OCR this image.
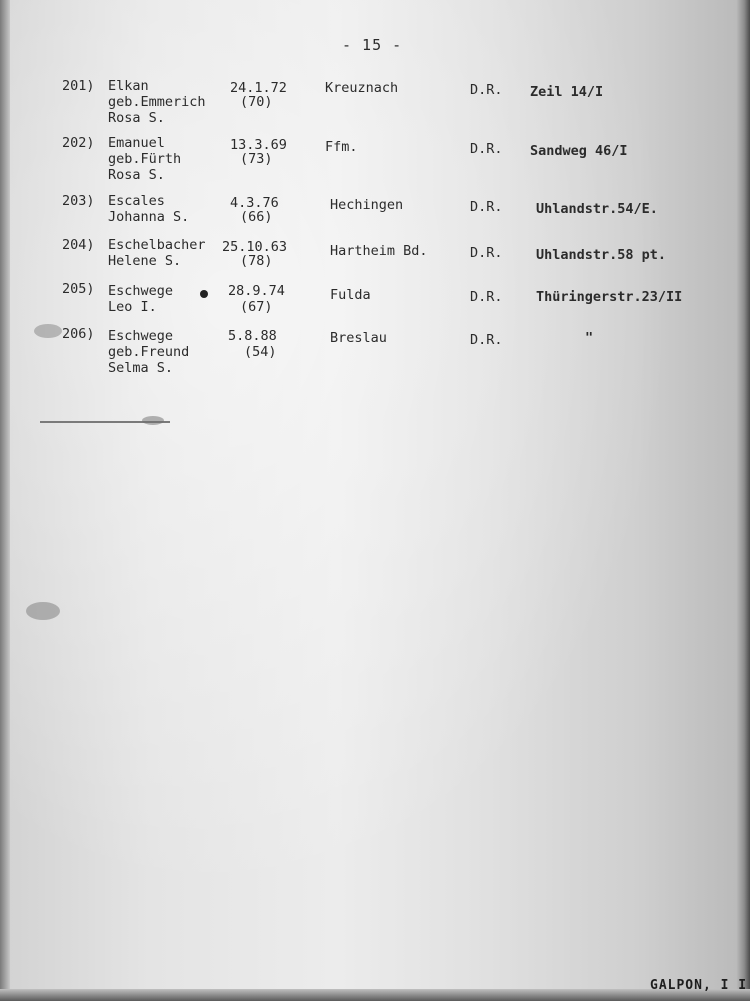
- 15 -
201) Elkan
geb.Emmerich
Rosa S.
24.1.72
(70)
Kreuznach	D.R. Zeil 14/I
202) Emanuel
geb.Fürth
Rosa S.
13.3.69
(73)
Ffm.	D.R. Sandweg 46/I
203) Escales
Johanna S.
4.3.76
(66)
Hechingen	D.R. Uhlandstr.54/E.
204) Eschelbacher
Helene S.
25.10.63
(78)
Hartheim Bd.	D.R. Uhlandstr.58 pt.
205) Eschwege
Leo I.
28.9.74
(67)
Fulda	D.R. Thüringerstr.23/II
206) Eschwege
geb.Freund
Selma S.
5.8.88
(54)
Breslau	D.R.	"
GALPON, I I
